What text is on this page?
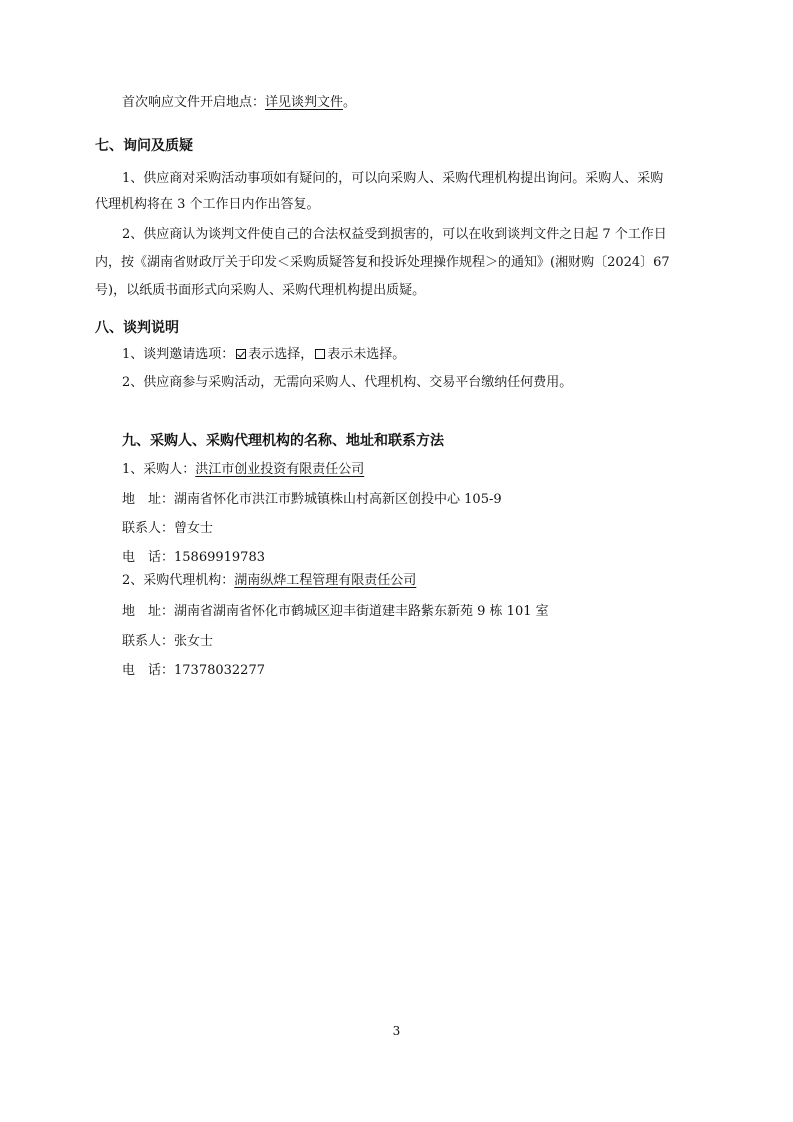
首次响应文件开启地点：详见谈判文件。
七、询问及质疑
1、供应商对采购活动事项如有疑问的，可以向采购人、采购代理机构提出询问。采购人、采购
代理机构将在 3 个工作日内作出答复。
2、供应商认为谈判文件使自己的合法权益受到损害的，可以在收到谈判文件之日起 7 个工作日
内，按《湖南省财政厅关于印发＜采购质疑答复和投诉处理操作规程＞的通知》(湘财购〔2024〕67
号)，以纸质书面形式向采购人、采购代理机构提出质疑。
八、谈判说明
1、谈判邀请选项： 表示选择， 表示未选择。
2、供应商参与采购活动，无需向采购人、代理机构、交易平台缴纳任何费用。
九、采购人、采购代理机构的名称、地址和联系方法
1、采购人：洪江市创业投资有限责任公司
地　址：湖南省怀化市洪江市黔城镇株山村高新区创投中心 105-9
联系人：曾女士
电　话：15869919783
2、采购代理机构：湖南纵烨工程管理有限责任公司
地　址：湖南省湖南省怀化市鹤城区迎丰街道建丰路紫东新苑 9 栋 101 室
联系人：张女士
电　话：17378032277
3
